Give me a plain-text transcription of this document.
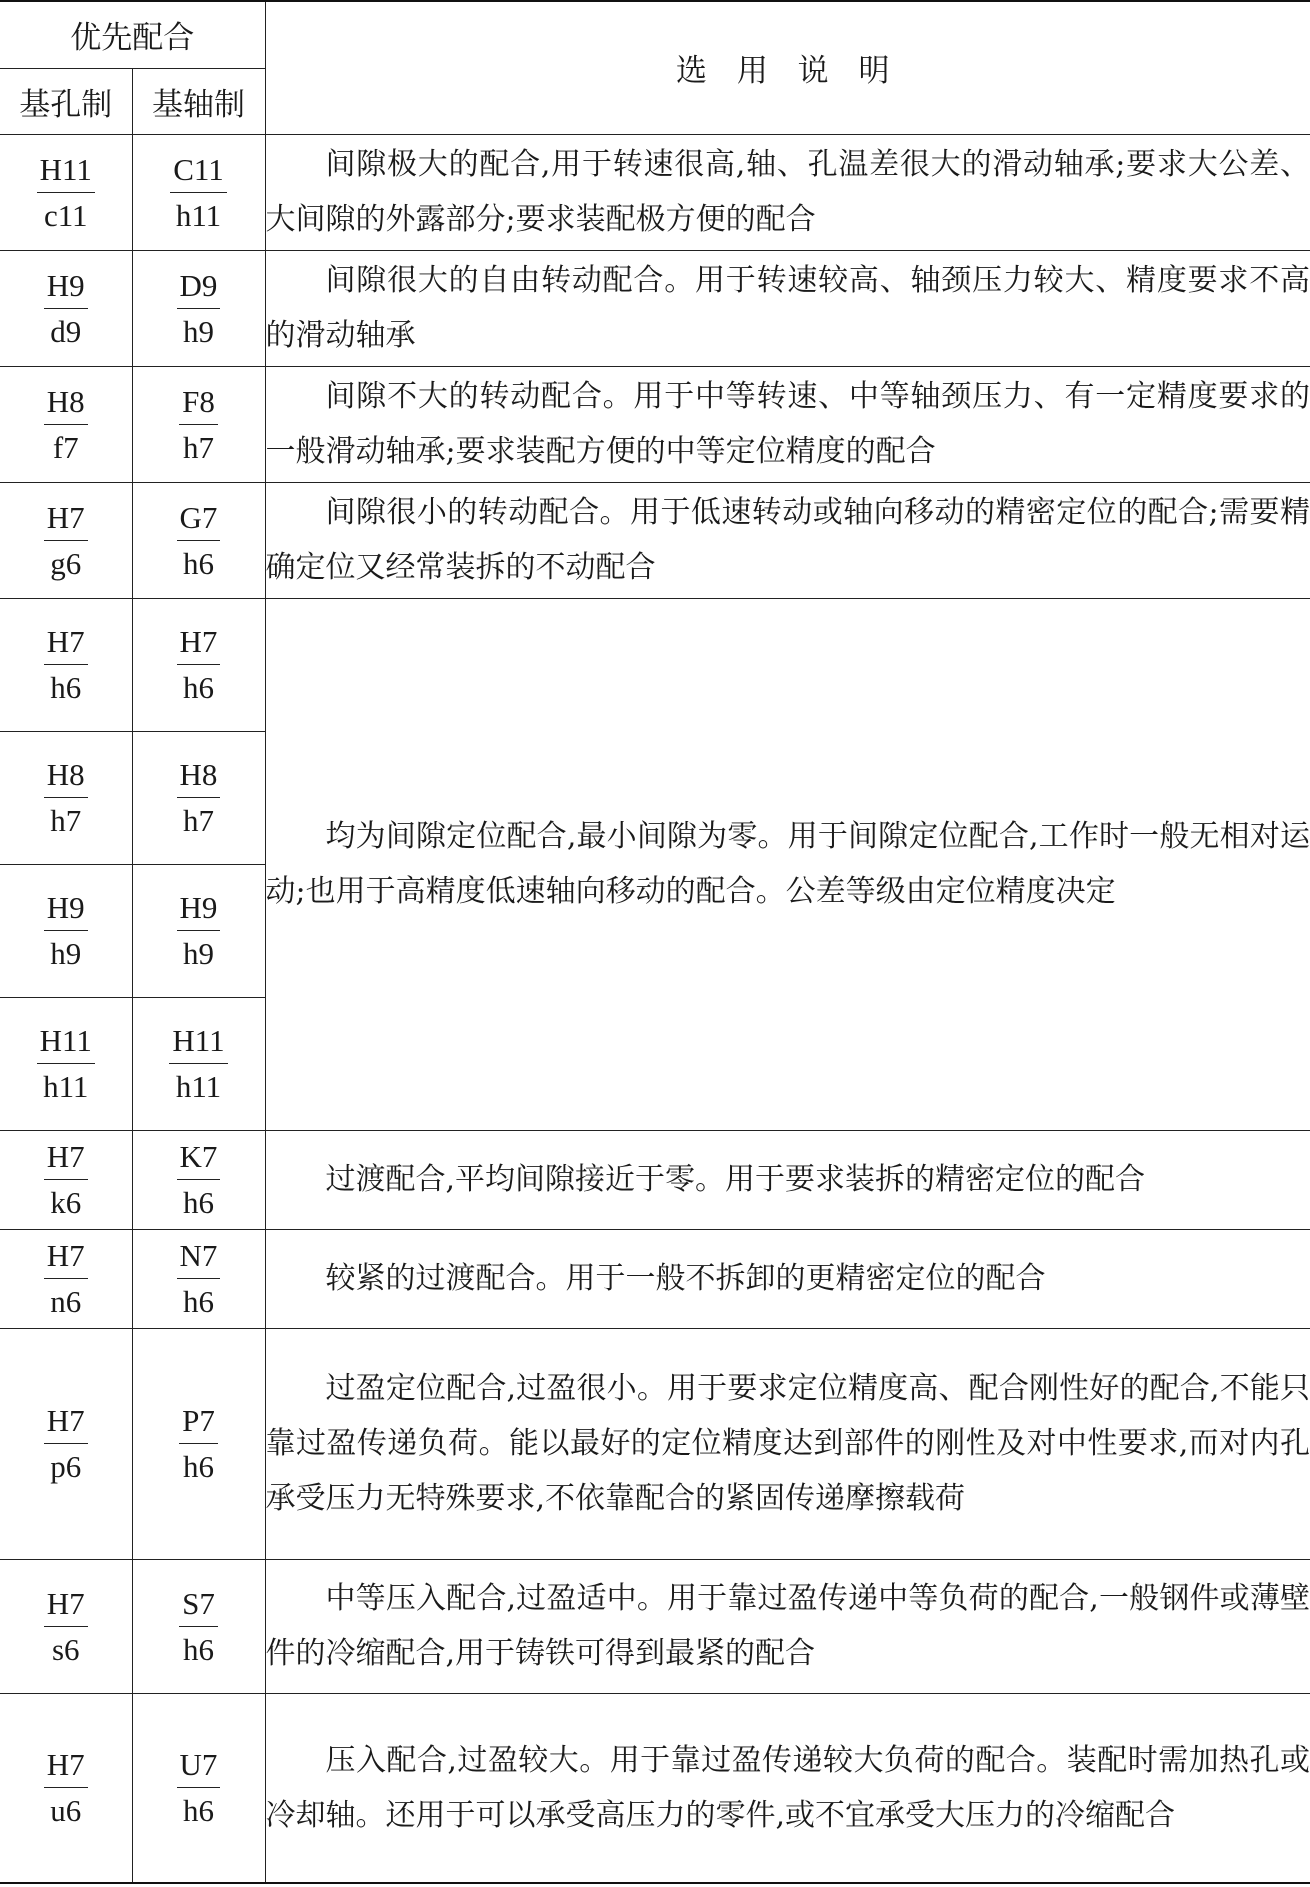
优先配合		选 用 说 明
基孔制	基轴制	

$\frac{H11}{c11}$	$\frac{C11}{h11}$	间隙极大的配合,用于转速很高,轴、孔温差很大的滑动轴承;要求大公差、大间隙的外露部分;要求装配极方便的配合

$\frac{H9}{d9}$	$\frac{D9}{h9}$	间隙很大的自由转动配合。用于转速较高、轴颈压力较大、精度要求不高的滑动轴承

$\frac{H8}{f7}$	$\frac{F8}{h7}$	间隙不大的转动配合。用于中等转速、中等轴颈压力、有一定精度要求的一般滑动轴承;要求装配方便的中等定位精度的配合

$\frac{H7}{g6}$	$\frac{G7}{h6}$	间隙很小的转动配合。用于低速转动或轴向移动的精密定位的配合;需要精确定位又经常装拆的不动配合

$\frac{H7}{h6}$	$\frac{H7}{h6}$	均为间隙定位配合,最小间隙为零。用于间隙定位配合,工作时一般无相对运动;也用于高精度低速轴向移动的配合。公差等级由定位精度决定

$\frac{H8}{h7}$	$\frac{H8}{h7}$

$\frac{H9}{h9}$	$\frac{H9}{h9}$

$\frac{H11}{h11}$	$\frac{H11}{h11}$

$\frac{H7}{k6}$	$\frac{K7}{h6}$	过渡配合,平均间隙接近于零。用于要求装拆的精密定位的配合

$\frac{H7}{n6}$	$\frac{N7}{h6}$	较紧的过渡配合。用于一般不拆卸的更精密定位的配合

$\frac{H7}{p6}$	$\frac{P7}{h6}$	过盈定位配合,过盈很小。用于要求定位精度高、配合刚性好的配合,不能只靠过盈传递负荷。能以最好的定位精度达到部件的刚性及对中性要求,而对内孔承受压力无特殊要求,不依靠配合的紧固传递摩擦载荷

$\frac{H7}{s6}$	$\frac{S7}{h6}$	中等压入配合,过盈适中。用于靠过盈传递中等负荷的配合,一般钢件或薄壁件的冷缩配合,用于铸铁可得到最紧的配合

$\frac{H7}{u6}$	$\frac{U7}{h6}$	压入配合,过盈较大。用于靠过盈传递较大负荷的配合。装配时需加热孔或冷却轴。还用于可以承受高压力的零件,或不宜承受大压力的冷缩配合
